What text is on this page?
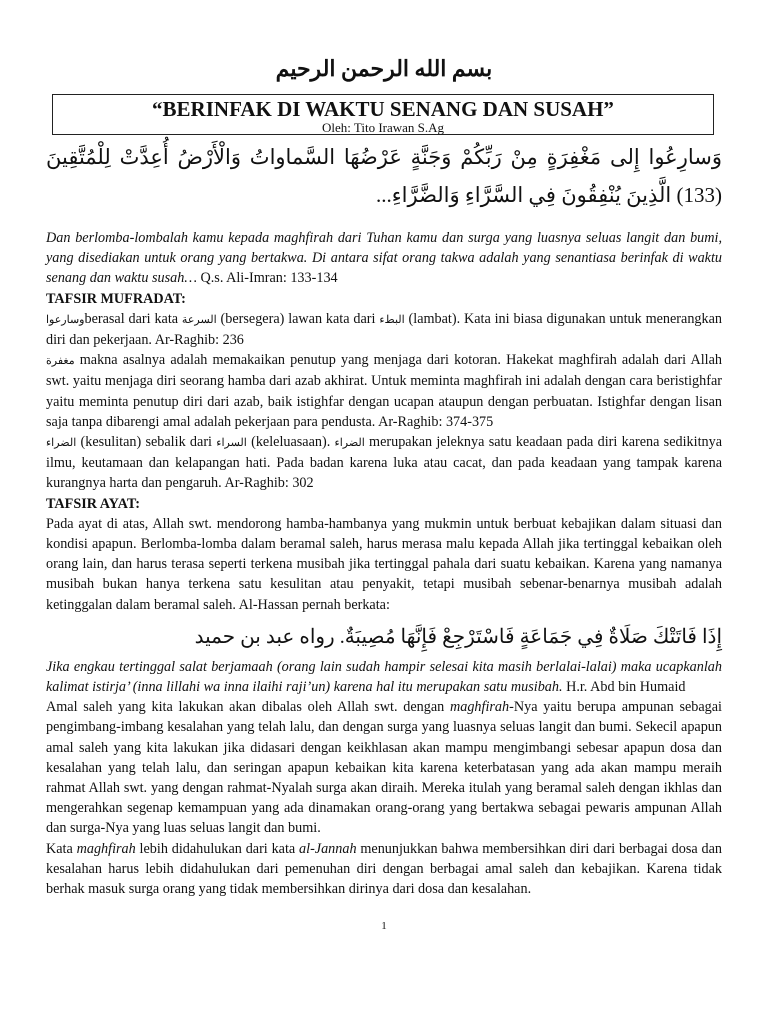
بسم الله الرحمن الرحيم
“BERINFAK DI WAKTU SENANG DAN SUSAH”
Oleh: Tito Irawan S.Ag
وَسارِعُوا إِلى مَغْفِرَةٍ مِنْ رَبِّكُمْ وَجَنَّةٍ عَرْضُهَا السَّماواتُ وَالْأَرْضُ أُعِدَّتْ لِلْمُتَّقِينَ (133) الَّذِينَ يُنْفِقُونَ فِي السَّرَّاءِ وَالضَّرَّاءِ...

Dan berlomba-lombalah kamu kepada maghfirah dari Tuhan kamu dan surga yang luasnya seluas langit dan bumi, yang disediakan untuk orang yang bertakwa. Di antara sifat orang takwa adalah yang senantiasa berinfak di waktu senang dan waktu susah… Q.s. Ali-Imran: 133-134

TAFSIR MUFRADAT:

وسارعواberasal dari kata السرعة (bersegera) lawan kata dari البطء (lambat). Kata ini biasa digunakan untuk menerangkan diri dan pekerjaan. Ar-Raghib: 236

مغفرة makna asalnya adalah memakaikan penutup yang menjaga dari kotoran. Hakekat maghfirah adalah dari Allah swt. yaitu menjaga diri seorang hamba dari azab akhirat. Untuk meminta maghfirah ini adalah dengan cara beristighfar yaitu meminta penutup diri dari azab, baik istighfar dengan ucapan ataupun dengan perbuatan. Istighfar dengan lisan saja tanpa dibarengi amal adalah pekerjaan para pendusta. Ar-Raghib: 374-375

الضراء (kesulitan) sebalik dari السراء (keleluasaan). الضراء merupakan jeleknya satu keadaan pada diri karena sedikitnya ilmu, keutamaan dan kelapangan hati. Pada badan karena luka atau cacat, dan pada keadaan yang tampak karena kurangnya harta dan pengaruh. Ar-Raghib: 302

TAFSIR AYAT:

Pada ayat di atas, Allah swt. mendorong hamba-hambanya yang mukmin untuk berbuat kebajikan dalam situasi dan kondisi apapun. Berlomba-lomba dalam beramal saleh, harus merasa malu kepada Allah jika tertinggal kebaikan oleh orang lain, dan harus terasa seperti terkena musibah jika tertinggal pahala dari suatu kebaikan. Karena yang namanya musibah bukan hanya terkena satu kesulitan atau penyakit, tetapi musibah sebenar-benarnya musibah adalah ketinggalan dalam beramal saleh. Al-Hassan pernah berkata:

إِذَا فَاتَتْكَ صَلَاةٌ فِي جَمَاعَةٍ فَاسْتَرْجِعْ فَإِنَّهَا مُصِيبَةٌ. رواه عبد بن حميد

Jika engkau tertinggal salat berjamaah (orang lain sudah hampir selesai kita masih berlalai-lalai) maka ucapkanlah kalimat istirja’ (inna lillahi wa inna ilaihi raji’un) karena hal itu merupakan satu musibah. H.r. Abd bin Humaid

Amal saleh yang kita lakukan akan dibalas oleh Allah swt. dengan maghfirah-Nya yaitu berupa ampunan sebagai pengimbang-imbang kesalahan yang telah lalu, dan dengan surga yang luasnya seluas langit dan bumi. Sekecil apapun amal saleh yang kita lakukan jika didasari dengan keikhlasan akan mampu mengimbangi sebesar apapun dosa dan kesalahan yang telah lalu, dan seringan apapun kebaikan kita karena keterbatasan yang ada akan mampu meraih rahmat Allah swt. yang dengan rahmat-Nyalah surga akan diraih. Mereka itulah yang beramal saleh dengan ikhlas dan mengerahkan segenap kemampuan yang ada dinamakan orang-orang yang bertakwa sebagai pewaris ampunan Allah dan surga-Nya yang luas seluas langit dan bumi.

Kata maghfirah lebih didahulukan dari kata al-Jannah menunjukkan bahwa membersihkan diri dari berbagai dosa dan kesalahan harus lebih didahulukan dari pemenuhan diri dengan berbagai amal saleh dan kebajikan. Karena tidak berhak masuk surga orang yang tidak membersihkan dirinya dari dosa dan kesalahan.

1
